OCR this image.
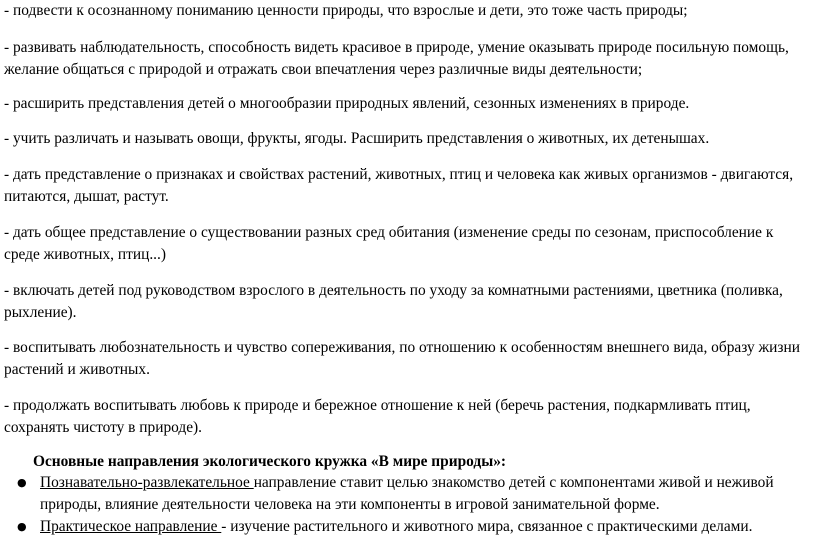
- подвести к осознанному пониманию ценности природы, что взрослые и дети, это тоже часть природы;

- развивать наблюдательность, способность видеть красивое в природе, умение оказывать природе посильную помощь, желание общаться с природой и отражать свои впечатления через различные виды деятельности;

- расширить представления детей о многообразии природных явлений, сезонных изменениях в природе.

- учить различать и называть овощи, фрукты, ягоды. Расширить представления о животных, их детенышах.

- дать представление о признаках и свойствах растений, животных, птиц и человека как живых организмов - двигаются, питаются, дышат, растут.

- дать общее представление о существовании разных сред обитания (изменение среды по сезонам, приспособление к среде животных, птиц...)

- включать детей под руководством взрослого в деятельность по уходу за комнатными растениями, цветника (поливка, рыхление).

- воспитывать любознательность и чувство сопереживания, по отношению к особенностям внешнего вида, образу жизни растений и животных.

- продолжать воспитывать любовь к природе и бережное отношение к ней (беречь растения, подкармливать птиц, сохранять чистоту в природе).

Основные направления экологического кружка «В мире природы»:

● Познавательно-развлекательное направление ставит целью знакомство детей с компонентами живой и неживой природы, влияние деятельности человека на эти компоненты в игровой занимательной форме.
● Практическое направление - изучение растительного и животного мира, связанное с практическими делами.
